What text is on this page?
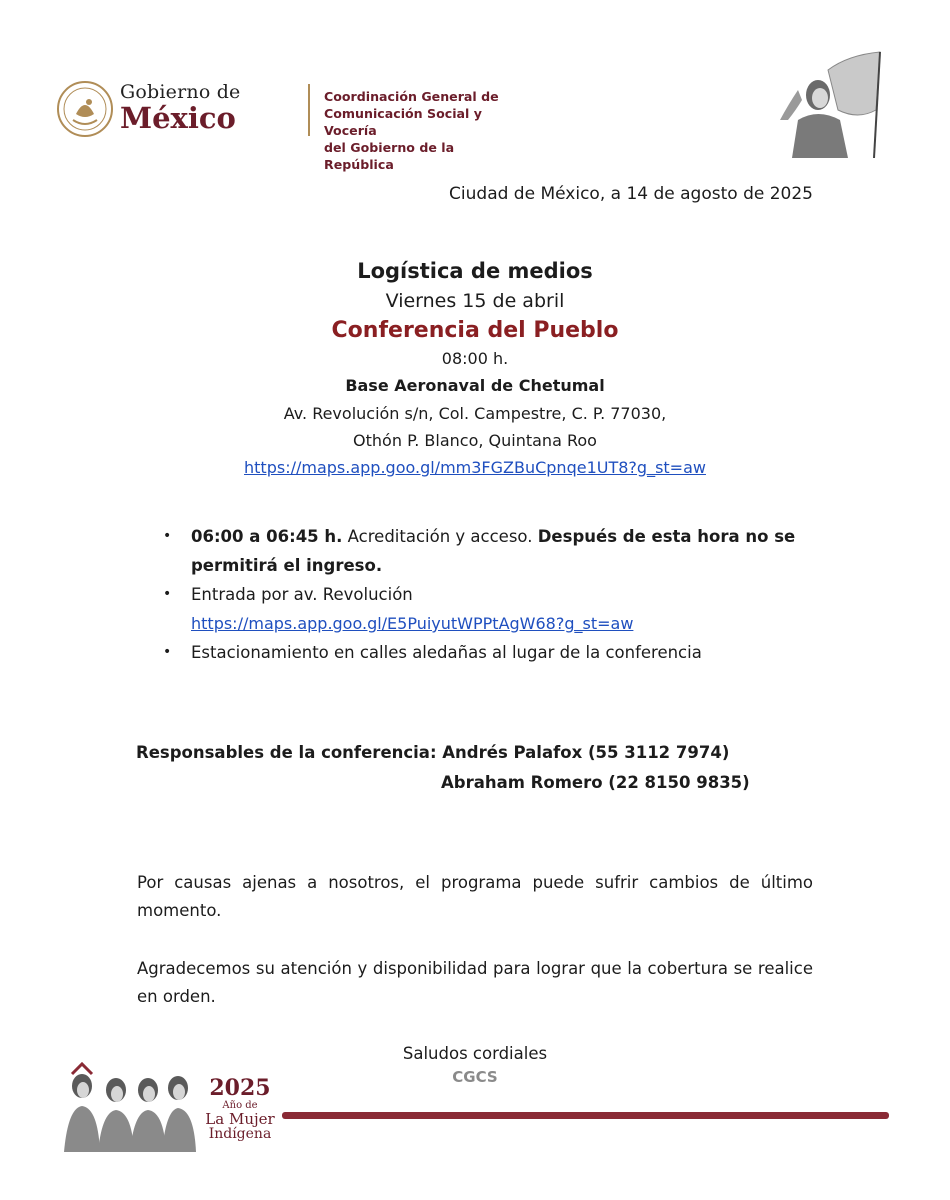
Gobierno de
México
Coordinación General de
Comunicación Social y Vocería
del Gobierno de la República
Ciudad de México, a 14 de agosto de 2025
Logística de medios
Viernes 15 de abril
Conferencia del Pueblo
08:00 h.
Base Aeronaval de Chetumal
Av. Revolución s/n, Col. Campestre, C. P. 77030,
Othón P. Blanco, Quintana Roo
https://maps.app.goo.gl/mm3FGZBuCpnqe1UT8?g_st=aw
• 06:00 a 06:45 h. Acreditación y acceso. Después de esta hora no se permitirá el ingreso.
• Entrada por av. Revolución
https://maps.app.goo.gl/E5PuiyutWPPtAgW68?g_st=aw
• Estacionamiento en calles aledañas al lugar de la conferencia
Responsables de la conferencia: Andrés Palafox (55 3112 7974)
Abraham Romero (22 8150 9835)
Por causas ajenas a nosotros, el programa puede sufrir cambios de último momento.
Agradecemos su atención y disponibilidad para lograr que la cobertura se realice en orden.
Saludos cordiales
CGCS
2025
Año de
La Mujer
Indígena
